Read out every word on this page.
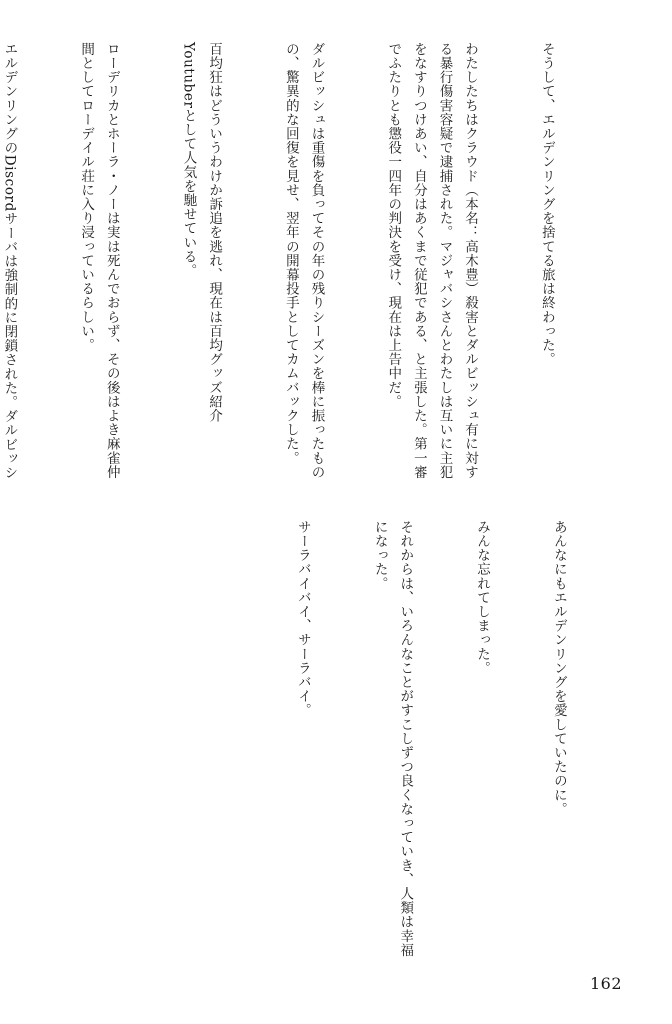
そうして、エルデンリングを捨てる旅は終わった。

わたしたちはクラウド（本名：高木豊）殺害とダルビッシュ有に対する暴行傷害容疑で逮捕された。マジャバシさんとわたしは互いに主犯をなすりつけあい、自分はあくまで従犯である、と主張した。第一審でふたりとも懲役一四年の判決を受け、現在は上告中だ。

ダルビッシュは重傷を負ってその年の残りシーズンを棒に振ったものの、驚異的な回復を見せ、翌年の開幕投手としてカムバックした。

百均狂はどういうわけか訴追を逃れ、現在は百均グッズ紹介Youtuberとして人気を馳せている。

ローデリカとホーラ・ノーは実は死んでおらず、その後はよき麻雀仲間としてローデイル荘に入り浸っているらしい。

エルデンリングのDiscordサーバは強制的に閉鎖された。ダルビッシ

あんなにもエルデンリングを愛していたのに。

みんな忘れてしまった。

それからは、いろんなことがすこしずつ良くなっていき、人類は幸福になった。

サーラバイバイ、サーラバイ。

162
